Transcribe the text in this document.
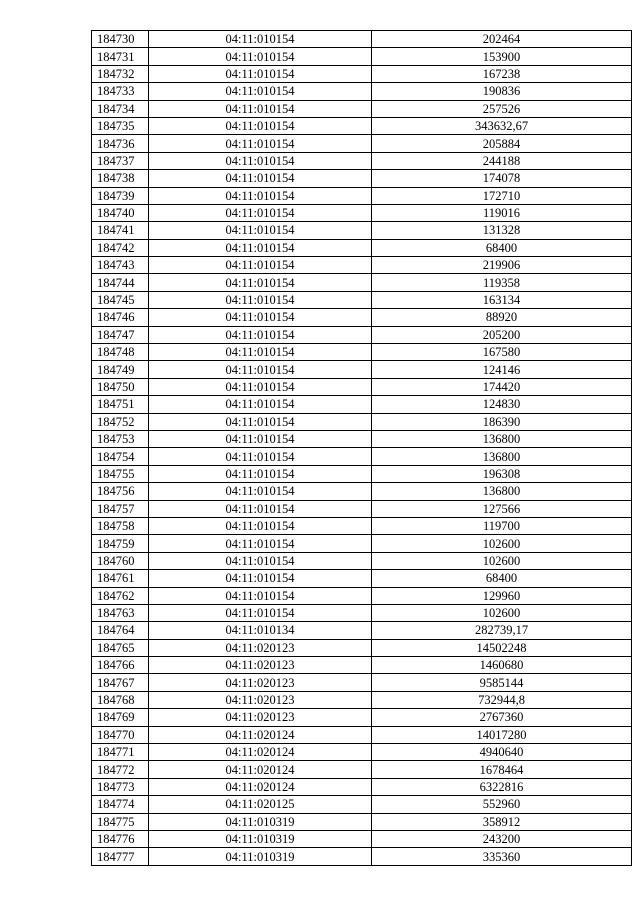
184730	04:11:010154	202464
184731	04:11:010154	153900
184732	04:11:010154	167238
184733	04:11:010154	190836
184734	04:11:010154	257526
184735	04:11:010154	343632,67
184736	04:11:010154	205884
184737	04:11:010154	244188
184738	04:11:010154	174078
184739	04:11:010154	172710
184740	04:11:010154	119016
184741	04:11:010154	131328
184742	04:11:010154	68400
184743	04:11:010154	219906
184744	04:11:010154	119358
184745	04:11:010154	163134
184746	04:11:010154	88920
184747	04:11:010154	205200
184748	04:11:010154	167580
184749	04:11:010154	124146
184750	04:11:010154	174420
184751	04:11:010154	124830
184752	04:11:010154	186390
184753	04:11:010154	136800
184754	04:11:010154	136800
184755	04:11:010154	196308
184756	04:11:010154	136800
184757	04:11:010154	127566
184758	04:11:010154	119700
184759	04:11:010154	102600
184760	04:11:010154	102600
184761	04:11:010154	68400
184762	04:11:010154	129960
184763	04:11:010154	102600
184764	04:11:010134	282739,17
184765	04:11:020123	14502248
184766	04:11:020123	1460680
184767	04:11:020123	9585144
184768	04:11:020123	732944,8
184769	04:11:020123	2767360
184770	04:11:020124	14017280
184771	04:11:020124	4940640
184772	04:11:020124	1678464
184773	04:11:020124	6322816
184774	04:11:020125	552960
184775	04:11:010319	358912
184776	04:11:010319	243200
184777	04:11:010319	335360
